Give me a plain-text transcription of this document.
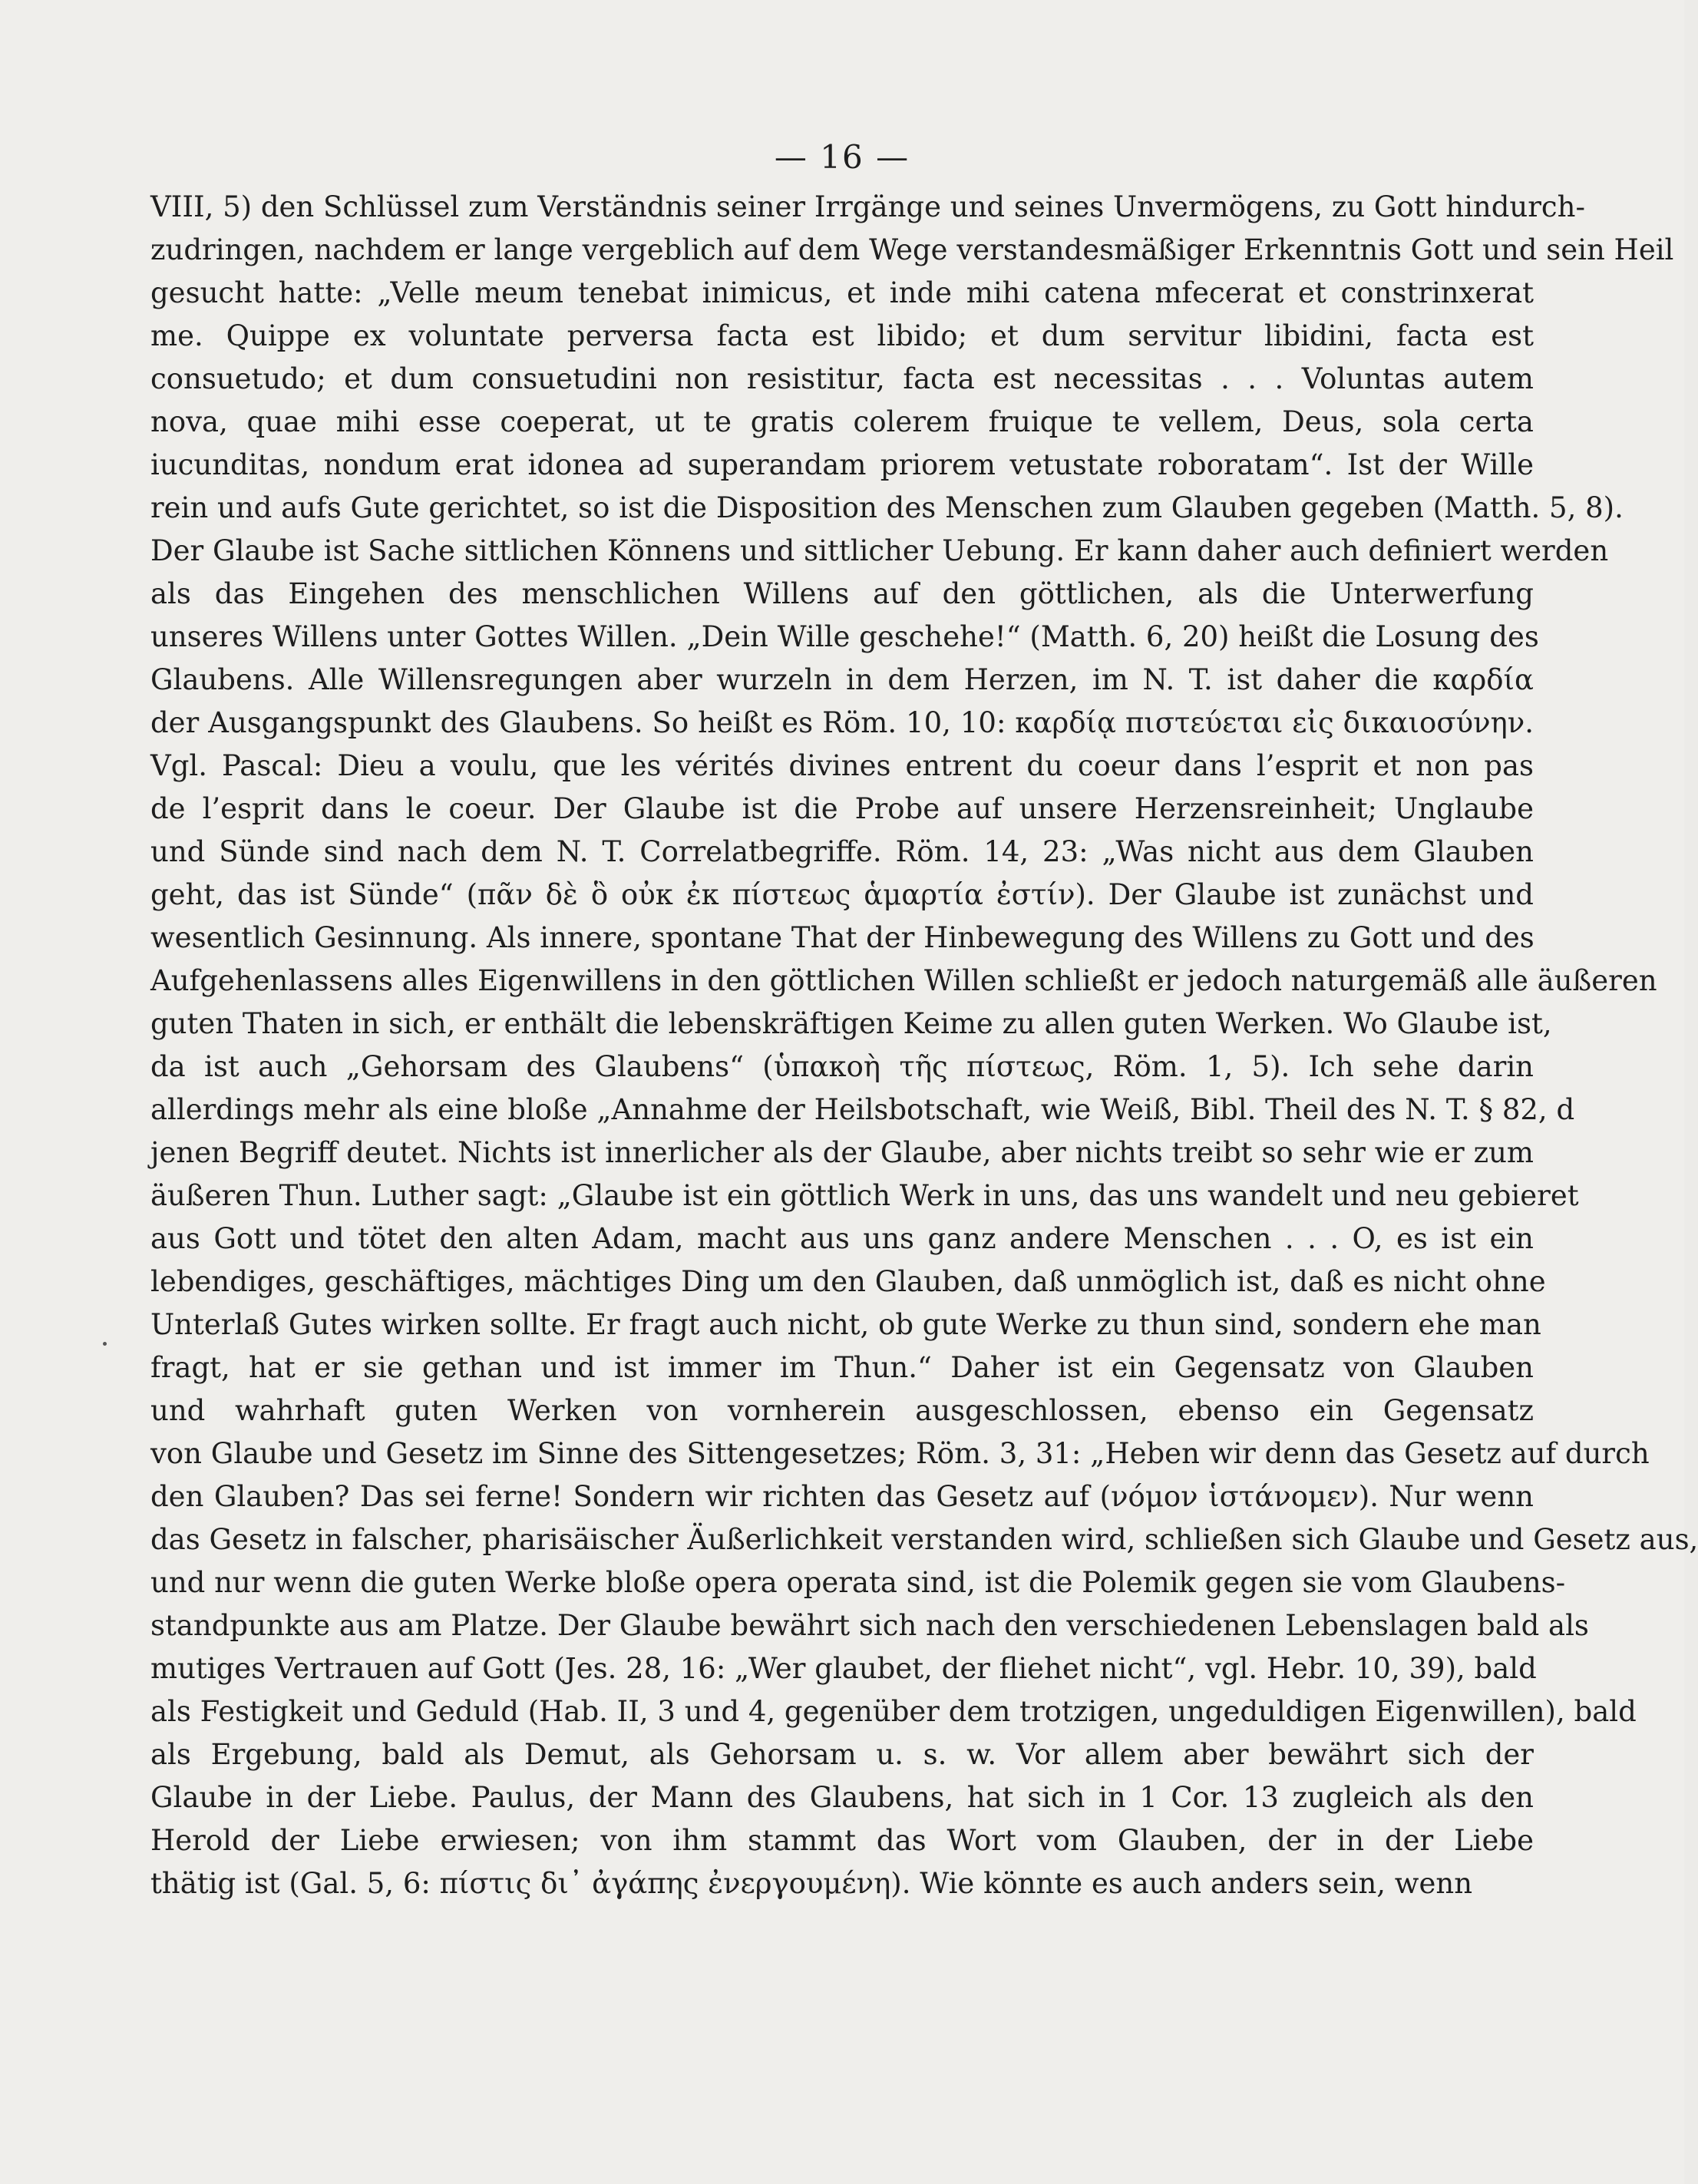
— 16 —
VIII, 5) den Schlüssel zum Verständnis seiner Irrgänge und seines Unvermögens, zu Gott hindurch-
zudringen, nachdem er lange vergeblich auf dem Wege verstandesmäßiger Erkenntnis Gott und sein Heil
gesucht hatte: „Velle meum tenebat inimicus, et inde mihi catena mfecerat et constrinxerat
me. Quippe ex voluntate perversa facta est libido; et dum servitur libidini, facta est
consuetudo; et dum consuetudini non resistitur, facta est necessitas . . . Voluntas autem
nova, quae mihi esse coeperat, ut te gratis colerem fruique te vellem, Deus, sola certa
iucunditas, nondum erat idonea ad superandam priorem vetustate roboratam“. Ist der Wille
rein und aufs Gute gerichtet, so ist die Disposition des Menschen zum Glauben gegeben (Matth. 5, 8).
Der Glaube ist Sache sittlichen Könnens und sittlicher Uebung. Er kann daher auch definiert werden
als das Eingehen des menschlichen Willens auf den göttlichen, als die Unterwerfung
unseres Willens unter Gottes Willen. „Dein Wille geschehe!“ (Matth. 6, 20) heißt die Losung des
Glaubens. Alle Willensregungen aber wurzeln in dem Herzen, im N. T. ist daher die καρδία
der Ausgangspunkt des Glaubens. So heißt es Röm. 10, 10: καρδίᾳ πιστεύεται εἰς δικαιοσύνην.
Vgl. Pascal: Dieu a voulu, que les vérités divines entrent du coeur dans l’esprit et non pas
de l’esprit dans le coeur. Der Glaube ist die Probe auf unsere Herzensreinheit; Unglaube
und Sünde sind nach dem N. T. Correlatbegriffe. Röm. 14, 23: „Was nicht aus dem Glauben
geht, das ist Sünde“ (πᾶν δὲ ὃ οὐκ ἐκ πίστεως ἁμαρτία ἐστίν). Der Glaube ist zunächst und
wesentlich Gesinnung. Als innere, spontane That der Hinbewegung des Willens zu Gott und des
Aufgehenlassens alles Eigenwillens in den göttlichen Willen schließt er jedoch naturgemäß alle äußeren
guten Thaten in sich, er enthält die lebenskräftigen Keime zu allen guten Werken. Wo Glaube ist,
da ist auch „Gehorsam des Glaubens“ (ὑπακοὴ τῆς πίστεως, Röm. 1, 5). Ich sehe darin
allerdings mehr als eine bloße „Annahme der Heilsbotschaft, wie Weiß, Bibl. Theil des N. T. § 82, d
jenen Begriff deutet. Nichts ist innerlicher als der Glaube, aber nichts treibt so sehr wie er zum
äußeren Thun. Luther sagt: „Glaube ist ein göttlich Werk in uns, das uns wandelt und neu gebieret
aus Gott und tötet den alten Adam, macht aus uns ganz andere Menschen . . . O, es ist ein
lebendiges, geschäftiges, mächtiges Ding um den Glauben, daß unmöglich ist, daß es nicht ohne
Unterlaß Gutes wirken sollte. Er fragt auch nicht, ob gute Werke zu thun sind, sondern ehe man
fragt, hat er sie gethan und ist immer im Thun.“ Daher ist ein Gegensatz von Glauben
und wahrhaft guten Werken von vornherein ausgeschlossen, ebenso ein Gegensatz
von Glaube und Gesetz im Sinne des Sittengesetzes; Röm. 3, 31: „Heben wir denn das Gesetz auf durch
den Glauben? Das sei ferne! Sondern wir richten das Gesetz auf (νόμον ἱστάνομεν). Nur wenn
das Gesetz in falscher, pharisäischer Äußerlichkeit verstanden wird, schließen sich Glaube und Gesetz aus,
und nur wenn die guten Werke bloße opera operata sind, ist die Polemik gegen sie vom Glaubens-
standpunkte aus am Platze. Der Glaube bewährt sich nach den verschiedenen Lebenslagen bald als
mutiges Vertrauen auf Gott (Jes. 28, 16: „Wer glaubet, der fliehet nicht“, vgl. Hebr. 10, 39), bald
als Festigkeit und Geduld (Hab. II, 3 und 4, gegenüber dem trotzigen, ungeduldigen Eigenwillen), bald
als Ergebung, bald als Demut, als Gehorsam u. s. w. Vor allem aber bewährt sich der
Glaube in der Liebe. Paulus, der Mann des Glaubens, hat sich in 1 Cor. 13 zugleich als den
Herold der Liebe erwiesen; von ihm stammt das Wort vom Glauben, der in der Liebe
thätig ist (Gal. 5, 6: πίστις δι᾽ ἀγάπης ἐνεργουμένη). Wie könnte es auch anders sein, wenn
